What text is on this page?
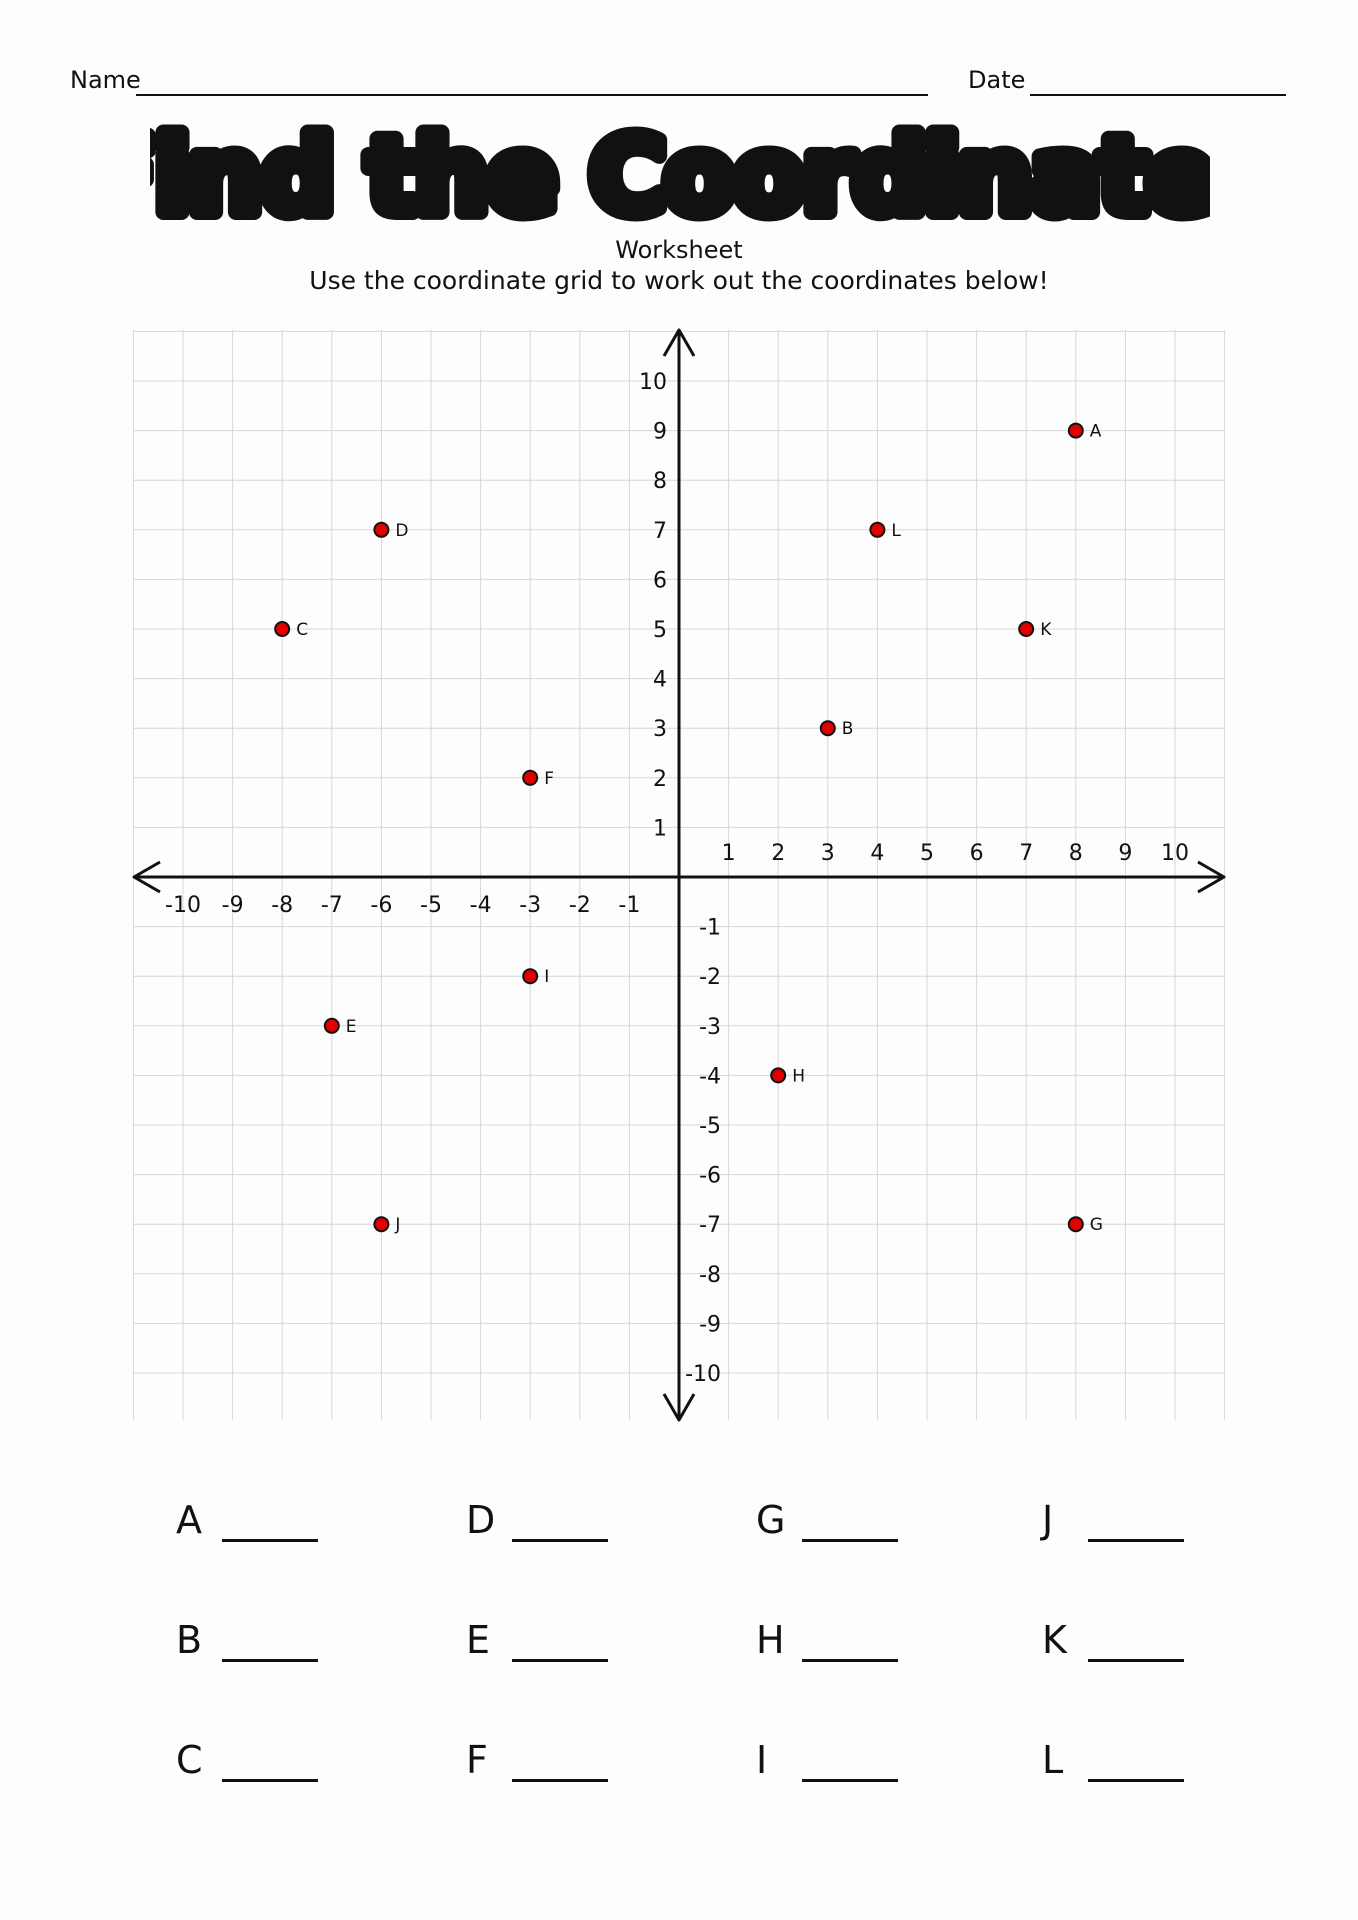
Name	Date
ind the Coordinates
ind the Coordinates
Worksheet
Use the coordinate grid to work out the coordinates below!
-10 -9 -8 -7 -6 -5 -4 -3 -2 -1
1 2 3 4 5 6 7 8 9 10
-10
-9
-8
-7
-6
-5
-4
-3
-2
-1
1
2
3
4
5
6
7
8
9
10
A
B
C
D
E
F
G
H
I
J
K
L
A	D	G	J
B	E	H	K
C	F	I	L
